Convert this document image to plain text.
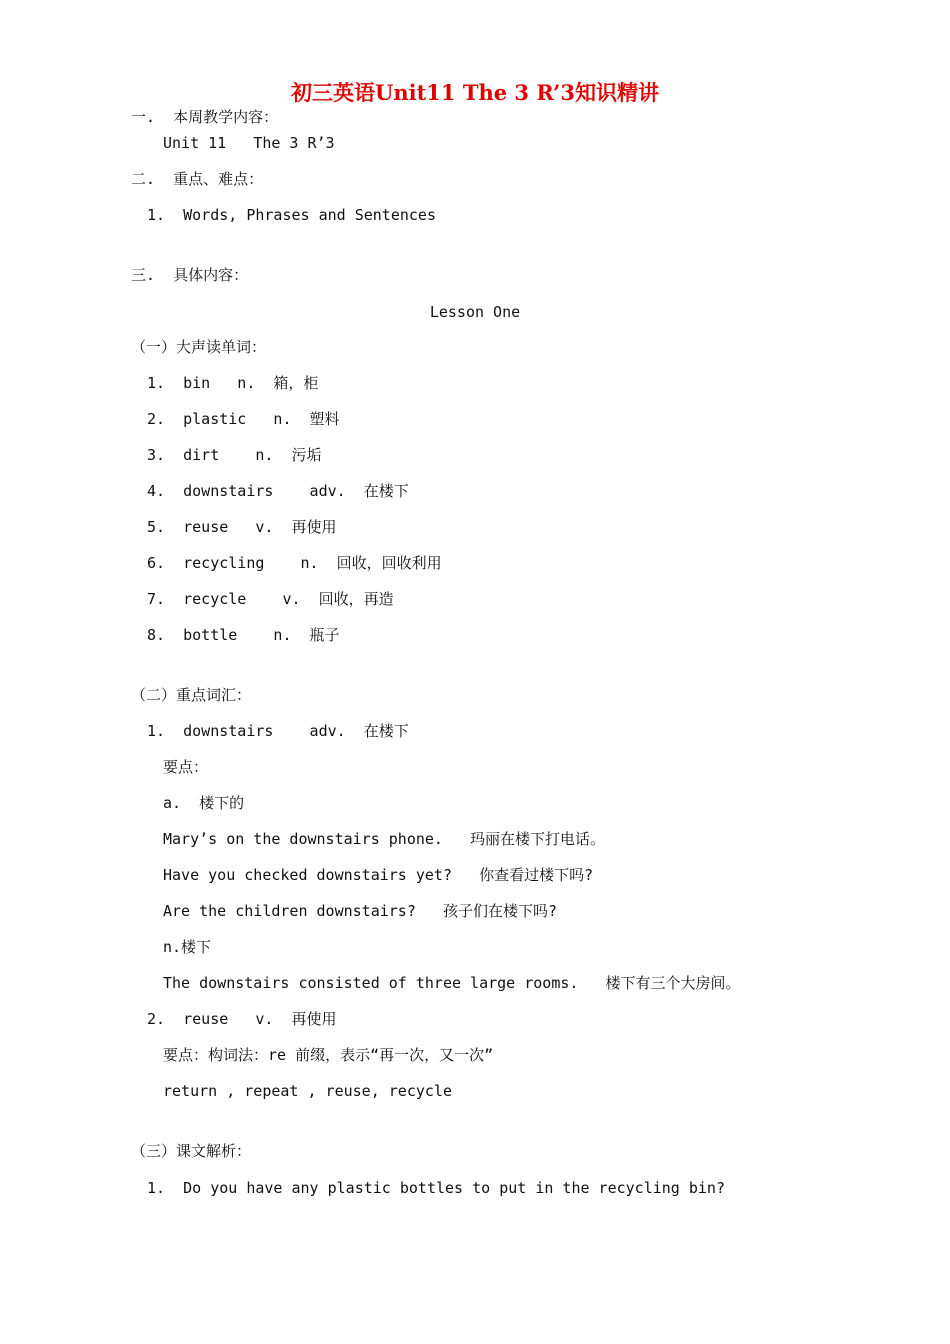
初三英语Unit11 The 3 R’3知识精讲
一.  本周教学内容：
Unit 11   The 3 R’3
二.  重点、难点：
1.  Words, Phrases and Sentences
三.  具体内容：
Lesson One
（一）大声读单词：
1.  bin   n.  箱，柜
2.  plastic   n.  塑料
3.  dirt    n.  污垢
4.  downstairs    adv.  在楼下
5.  reuse   v.  再使用
6.  recycling    n.  回收，回收利用
7.  recycle    v.  回收，再造
8.  bottle    n.  瓶子
（二）重点词汇：
1.  downstairs    adv.  在楼下
要点：
a.  楼下的
Mary’s on the downstairs phone.   玛丽在楼下打电话。
Have you checked downstairs yet?   你查看过楼下吗?
Are the children downstairs?   孩子们在楼下吗?
n.楼下
The downstairs consisted of three large rooms.   楼下有三个大房间。
2.  reuse   v.  再使用
要点：构词法：re 前缀，表示“再一次，又一次”
return , repeat , reuse, recycle
（三）课文解析：
1.  Do you have any plastic bottles to put in the recycling bin?
